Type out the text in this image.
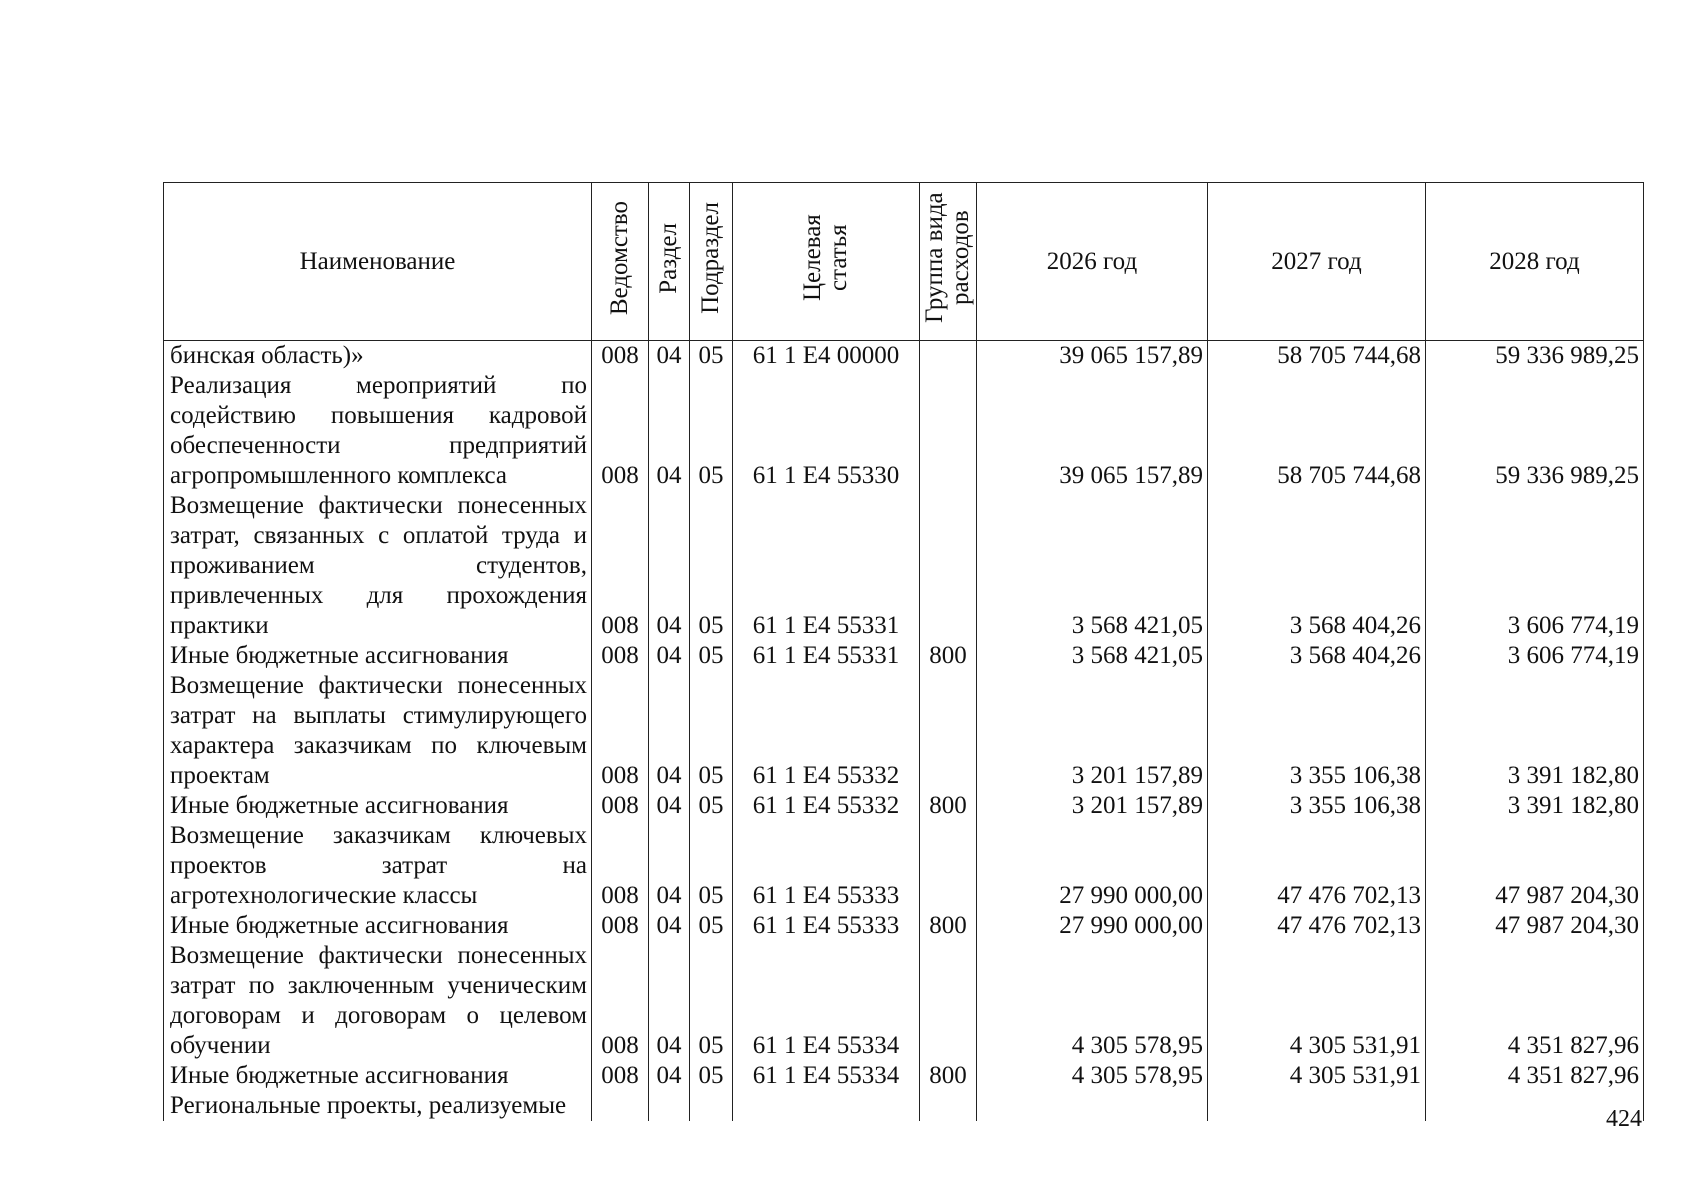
Наименование	Ведомство	Раздел	Подраздел	Целевая статья	Группа вида расходов	2026 год	2027 год	2028 год
бинская область)»	008	04	05	61 1 E4 00000		39 065 157,89	58 705 744,68	59 336 989,25
Реализация мероприятий по содействию повышения кадровой обеспеченности предприятий агропромышленного комплекса	008	04	05	61 1 E4 55330		39 065 157,89	58 705 744,68	59 336 989,25
Возмещение фактически понесенных затрат, связанных с оплатой труда и проживанием студентов, привлеченных для прохождения практики	008	04	05	61 1 E4 55331		3 568 421,05	3 568 404,26	3 606 774,19
Иные бюджетные ассигнования	008	04	05	61 1 E4 55331	800	3 568 421,05	3 568 404,26	3 606 774,19
Возмещение фактически понесенных затрат на выплаты стимулирующего характера заказчикам по ключевым проектам	008	04	05	61 1 E4 55332		3 201 157,89	3 355 106,38	3 391 182,80
Иные бюджетные ассигнования	008	04	05	61 1 E4 55332	800	3 201 157,89	3 355 106,38	3 391 182,80
Возмещение заказчикам ключевых проектов затрат на агротехнологические классы	008	04	05	61 1 E4 55333		27 990 000,00	47 476 702,13	47 987 204,30
Иные бюджетные ассигнования	008	04	05	61 1 E4 55333	800	27 990 000,00	47 476 702,13	47 987 204,30
Возмещение фактически понесенных затрат по заключенным ученическим договорам и договорам о целевом обучении	008	04	05	61 1 E4 55334		4 305 578,95	4 305 531,91	4 351 827,96
Иные бюджетные ассигнования	008	04	05	61 1 E4 55334	800	4 305 578,95	4 305 531,91	4 351 827,96
Региональные проекты, реализуемые									424
